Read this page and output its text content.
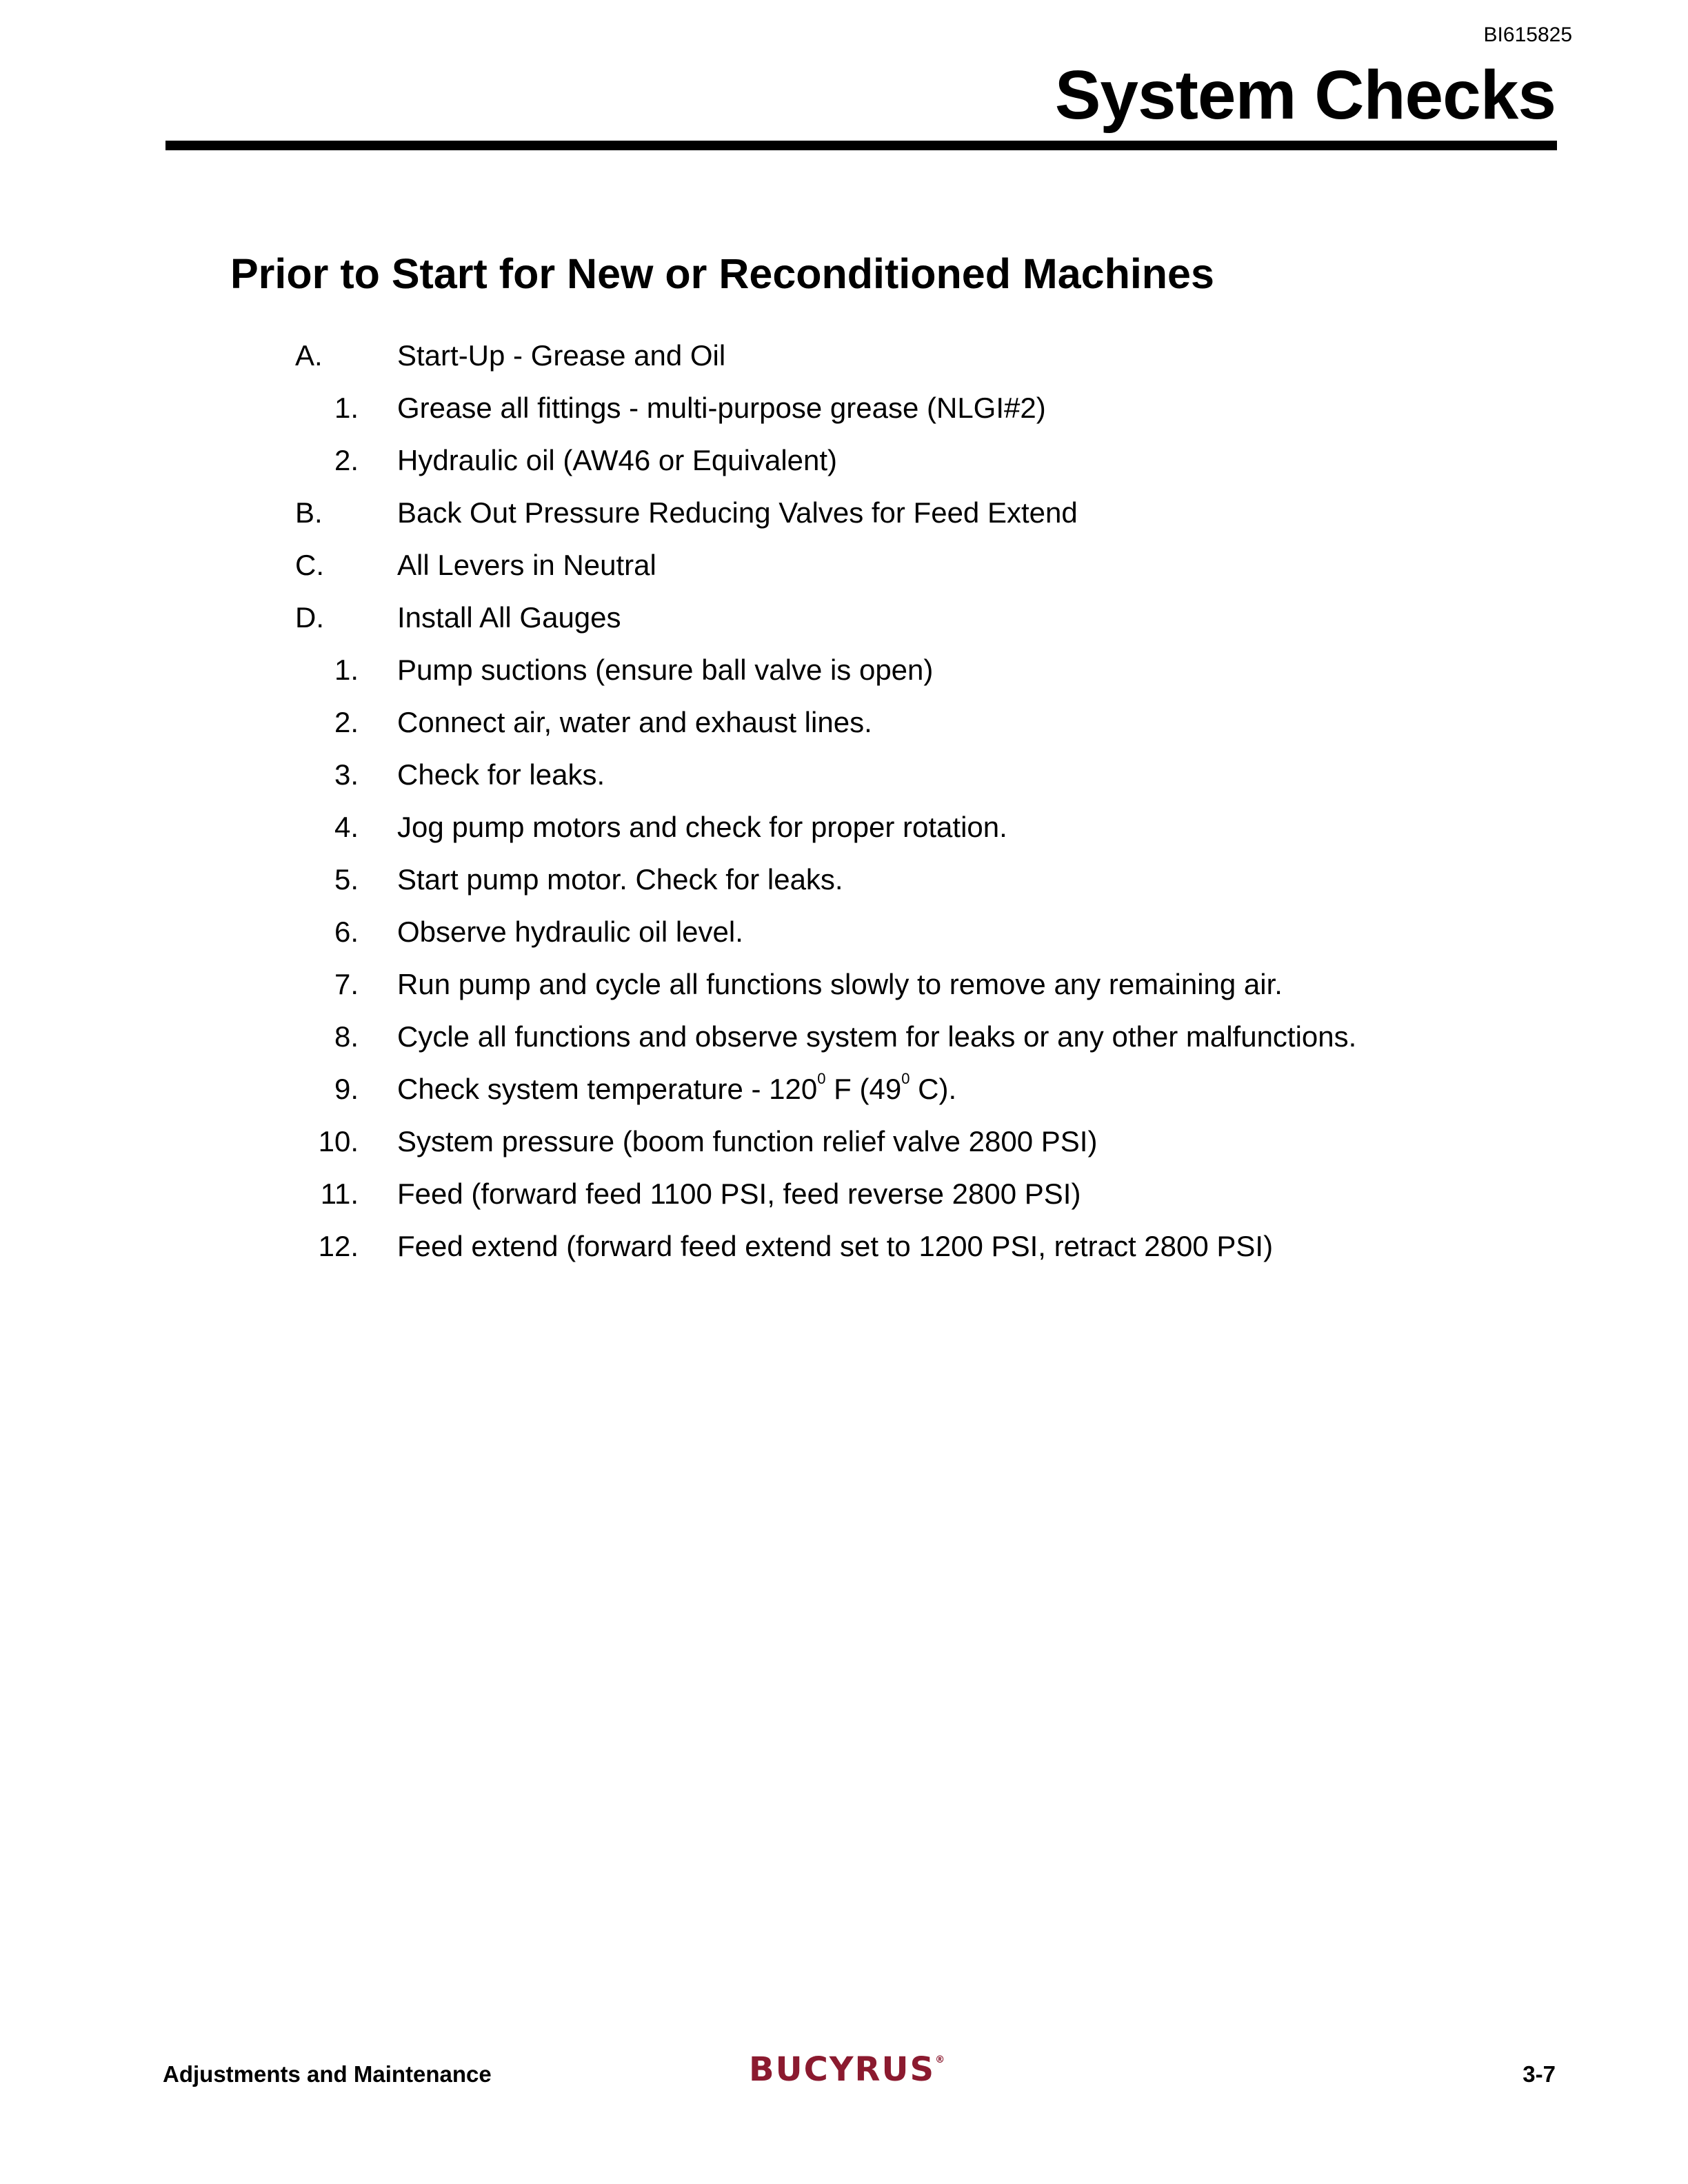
BI615825
System Checks
Prior to Start for New or Reconditioned Machines
A.	Start-Up - Grease and Oil
1. Grease all fittings - multi-purpose grease (NLGI#2)
2. Hydraulic oil (AW46 or Equivalent)
B.	Back Out Pressure Reducing Valves for Feed Extend
C.	All Levers in Neutral
D.	Install All Gauges
1. Pump suctions (ensure ball valve is open)
2. Connect air, water and exhaust lines.
3. Check for leaks.
4. Jog pump motors and check for proper rotation.
5. Start pump motor. Check for leaks.
6. Observe hydraulic oil level.
7. Run pump and cycle all functions slowly to remove any remaining air.
8. Cycle all functions and observe system for leaks or any other malfunctions.
9. Check system temperature - $120^0$ F ($49^0$ C).
10. System pressure (boom function relief valve 2800 PSI)
11. Feed (forward feed 1100 PSI, feed reverse 2800 PSI)
12. Feed extend (forward feed extend set to 1200 PSI, retract 2800 PSI)
Adjustments and Maintenance	BUCYRUS®
3-7
